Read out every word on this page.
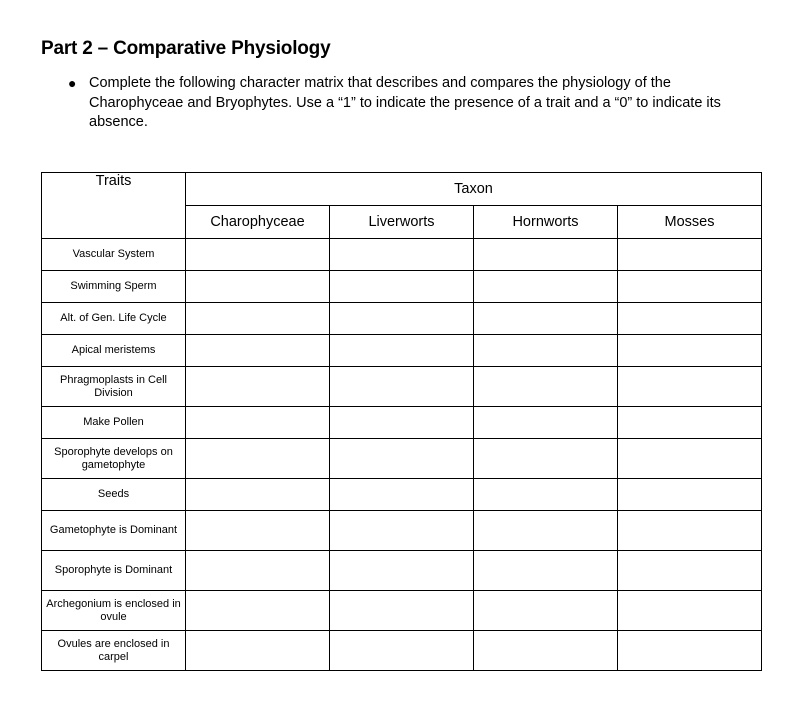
Part 2 – Comparative Physiology
● Complete the following character matrix that describes and compares the physiology of the Charophyceae and Bryophytes. Use a “1” to indicate the presence of a trait and a “0” to indicate its absence.
Traits	Taxon			
	Charophyceae	Liverworts	Hornworts	Mosses
Vascular System				
Swimming Sperm				
Alt. of Gen. Life Cycle				
Apical meristems				
Phragmoplasts in Cell Division				
Make Pollen				
Sporophyte develops on gametophyte				
Seeds				
Gametophyte is Dominant				
Sporophyte is Dominant				
Archegonium is enclosed in ovule				
Ovules are enclosed in carpel				
